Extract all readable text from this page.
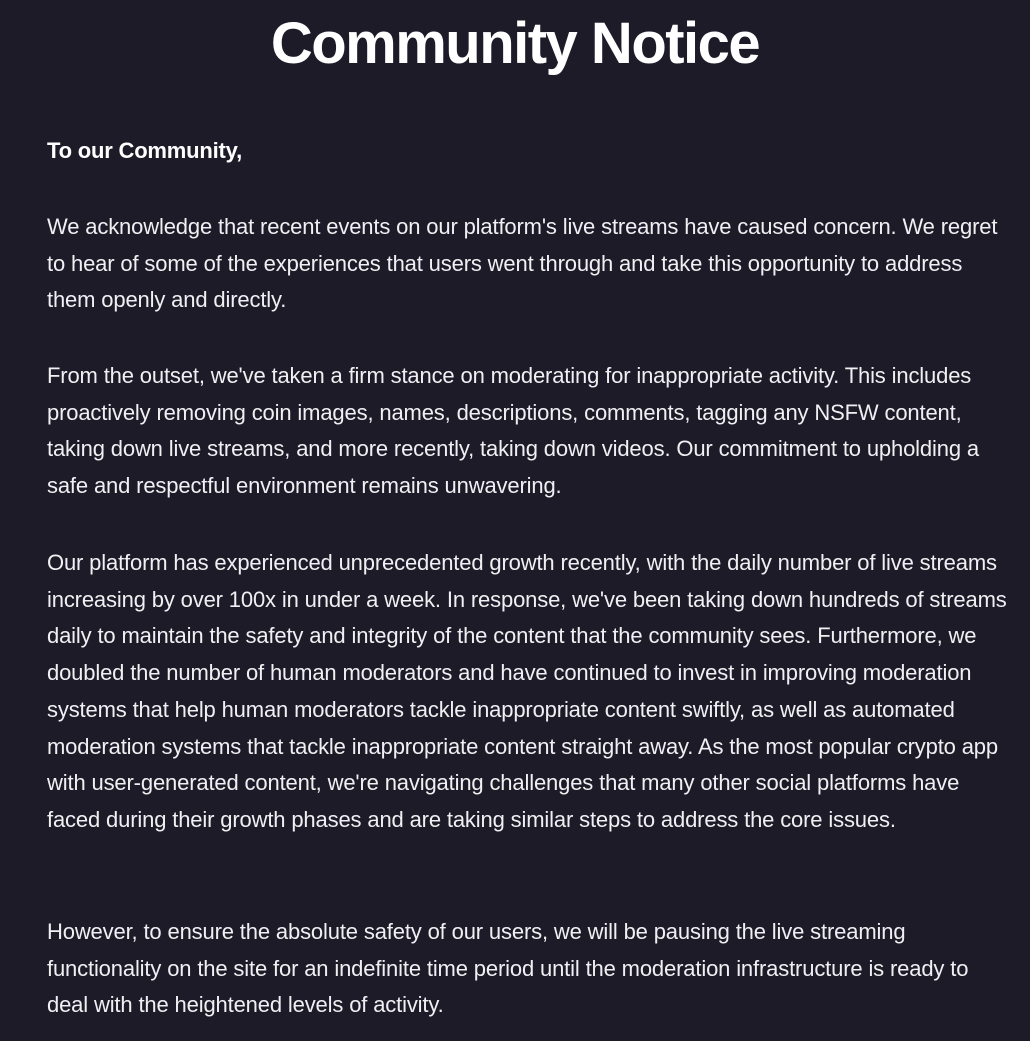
Community Notice

To our Community,

We acknowledge that recent events on our platform's live streams have caused concern. We regret to hear of some of the experiences that users went through and take this opportunity to address them openly and directly.

From the outset, we've taken a firm stance on moderating for inappropriate activity. This includes proactively removing coin images, names, descriptions, comments, tagging any NSFW content, taking down live streams, and more recently, taking down videos. Our commitment to upholding a safe and respectful environment remains unwavering.

Our platform has experienced unprecedented growth recently, with the daily number of live streams increasing by over 100x in under a week. In response, we've been taking down hundreds of streams daily to maintain the safety and integrity of the content that the community sees. Furthermore, we doubled the number of human moderators and have continued to invest in improving moderation systems that help human moderators tackle inappropriate content swiftly, as well as automated moderation systems that tackle inappropriate content straight away. As the most popular crypto app with user-generated content, we're navigating challenges that many other social platforms have faced during their growth phases and are taking similar steps to address the core issues.

However, to ensure the absolute safety of our users, we will be pausing the live streaming functionality on the site for an indefinite time period until the moderation infrastructure is ready to deal with the heightened levels of activity.
